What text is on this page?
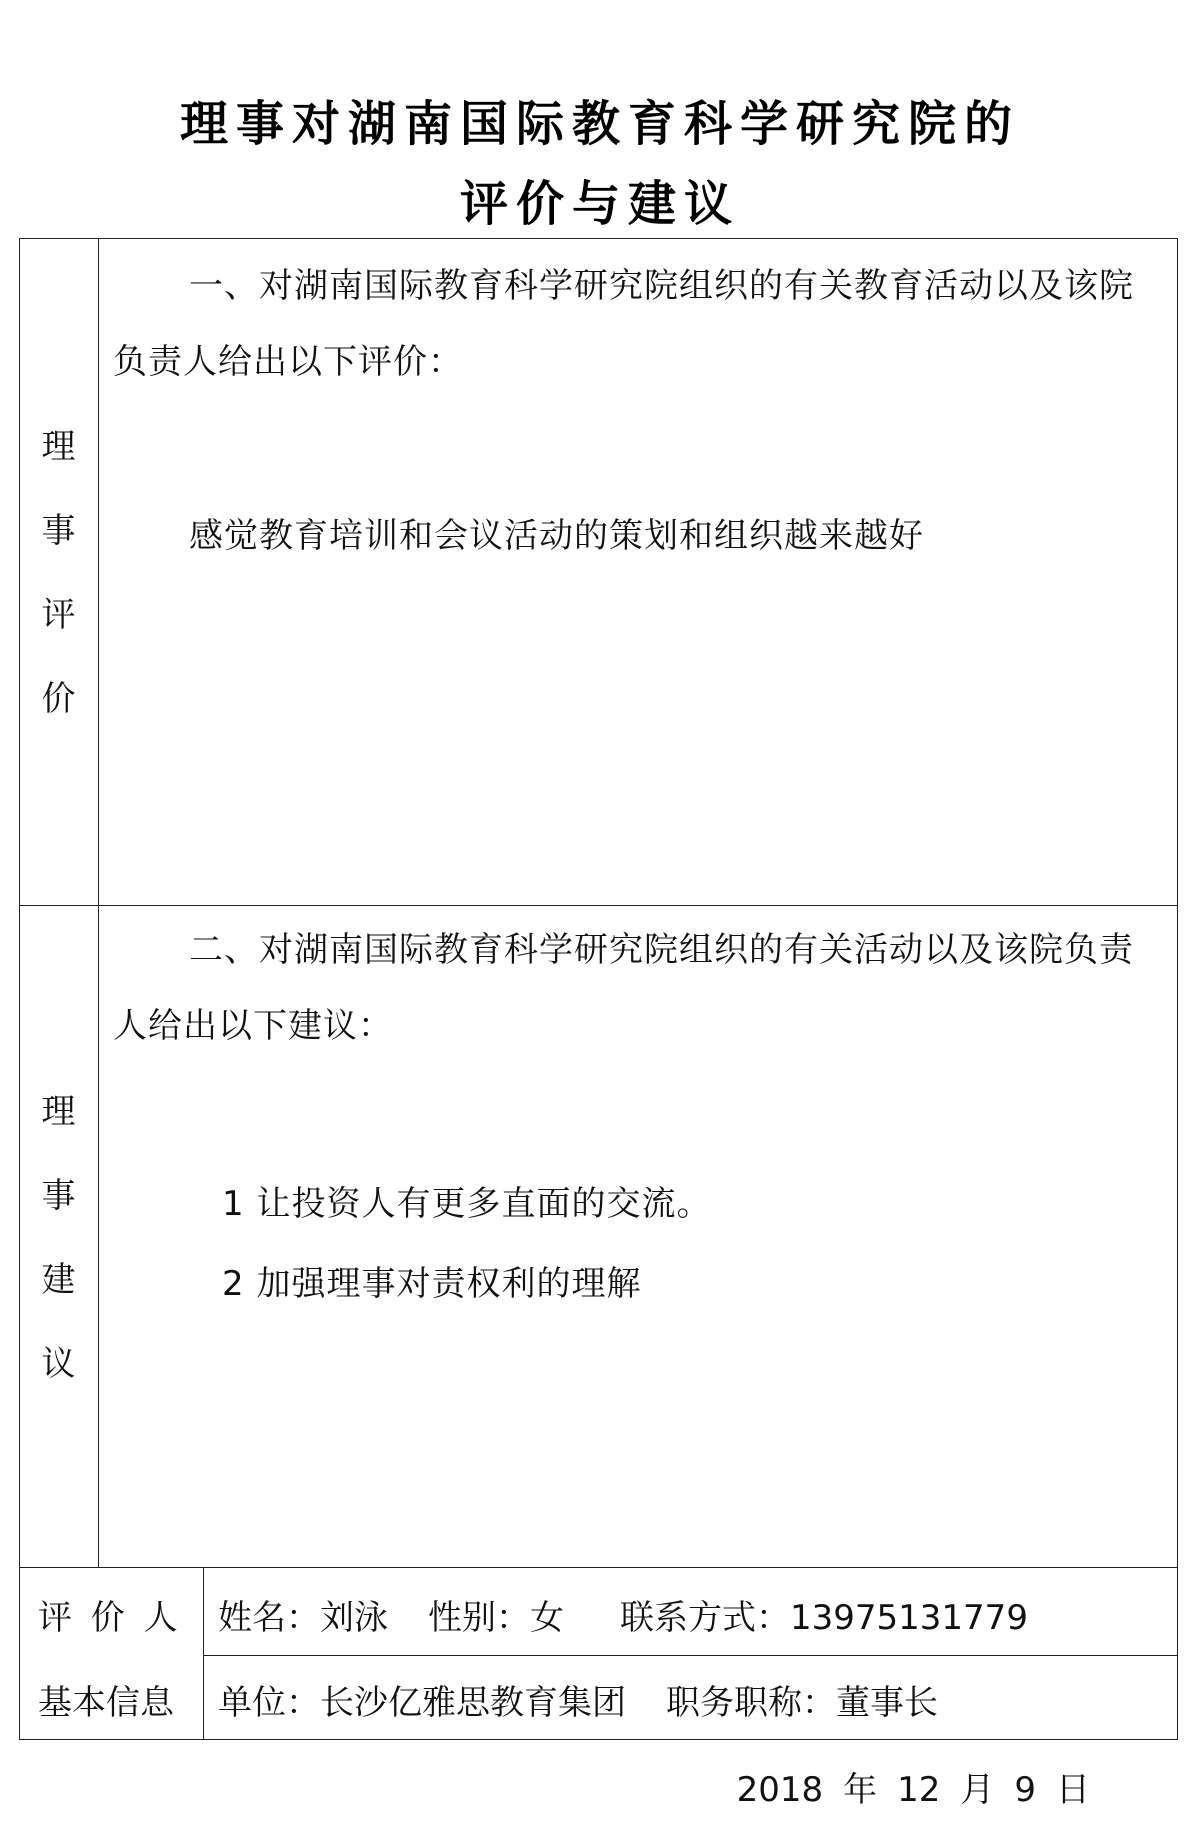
理事对湖南国际教育科学研究院的
评价与建议
理
事
评
价
一、对湖南国际教育科学研究院组织的有关教育活动以及该院负责人给出以下评价：
感觉教育培训和会议活动的策划和组织越来越好
理
事
建
议
二、对湖南国际教育科学研究院组织的有关活动以及该院负责人给出以下建议：
1 让投资人有更多直面的交流。
2 加强理事对责权利的理解
评 价 人
基本信息
姓名：刘泳 性别：女 联系方式：13975131779
单位：长沙亿雅思教育集团 职务职称：董事长
2018 年 12 月 9 日
